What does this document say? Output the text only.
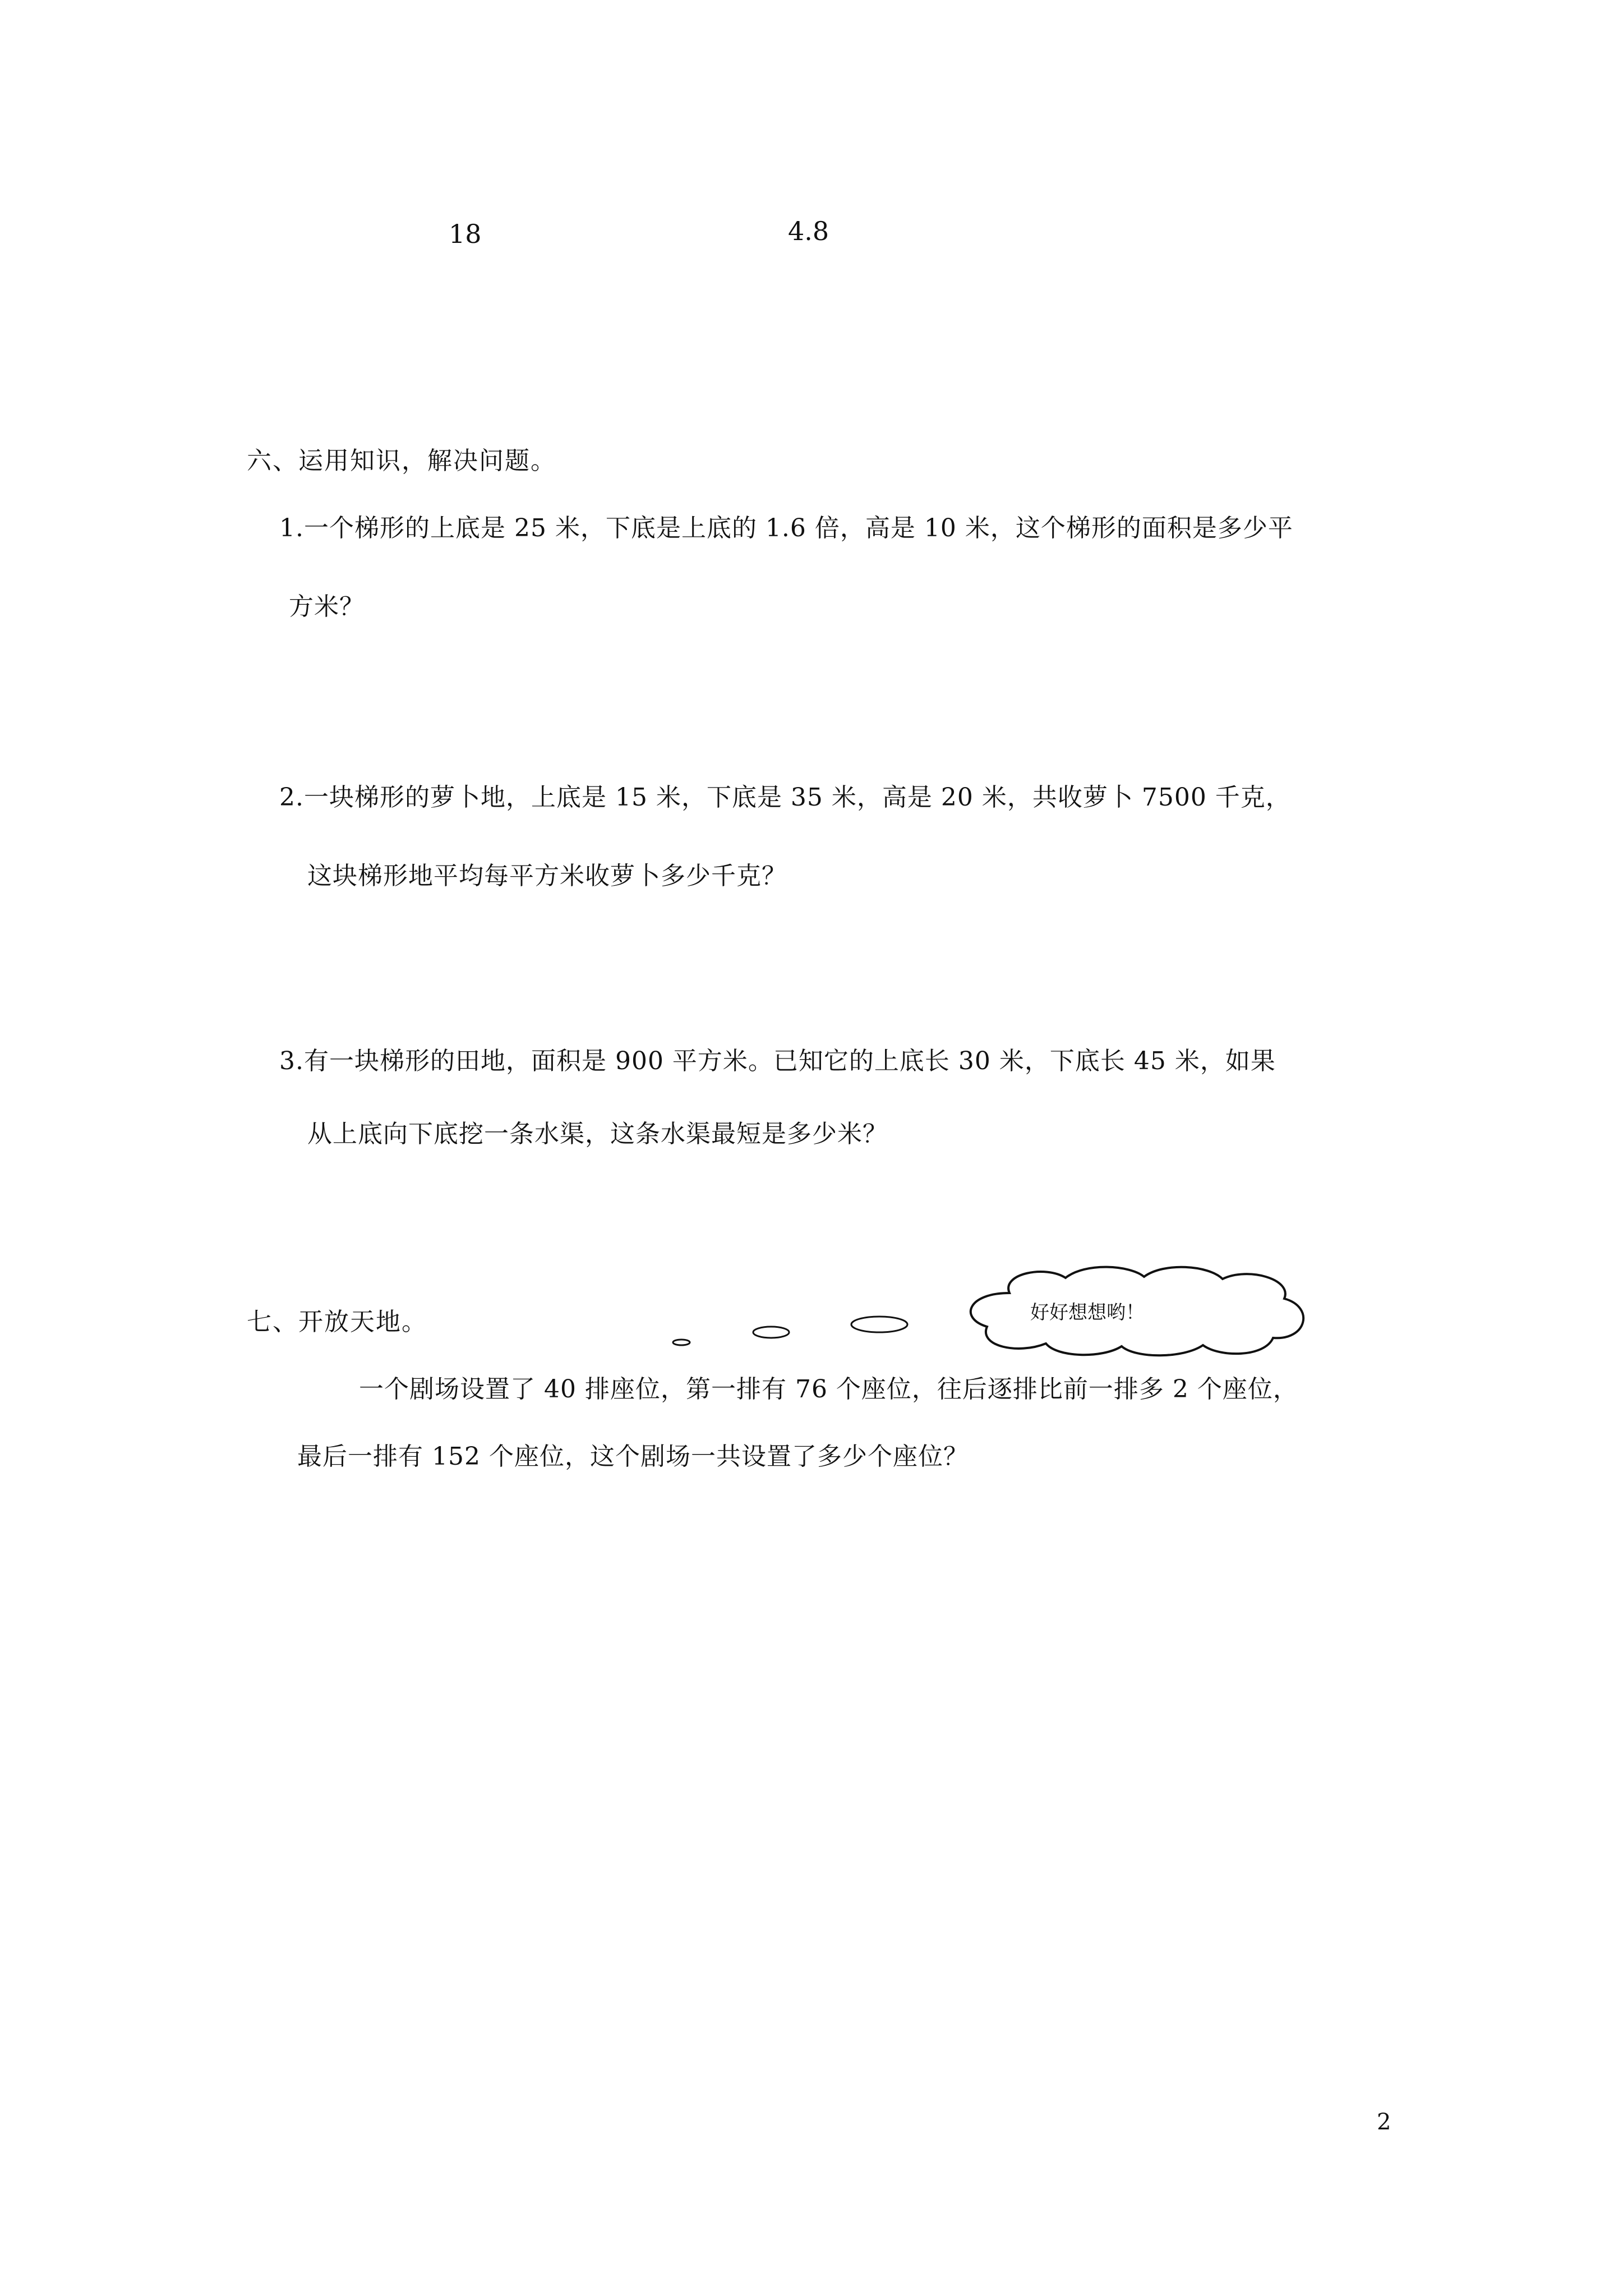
18	4.8
六、运用知识，解决问题。
1.一个梯形的上底是 25 米，下底是上底的 1.6 倍，高是 10 米，这个梯形的面积是多少平
方米？
2.一块梯形的萝卜地，上底是 15 米，下底是 35 米，高是 20 米，共收萝卜 7500 千克，
这块梯形地平均每平方米收萝卜多少千克？
3.有一块梯形的田地，面积是 900 平方米。已知它的上底长 30 米，下底长 45 米，如果
从上底向下底挖一条水渠，这条水渠最短是多少米？
七、开放天地。	好好想想哟！
一个剧场设置了 40 排座位，第一排有 76 个座位，往后逐排比前一排多 2 个座位，
最后一排有 152 个座位，这个剧场一共设置了多少个座位？
2
